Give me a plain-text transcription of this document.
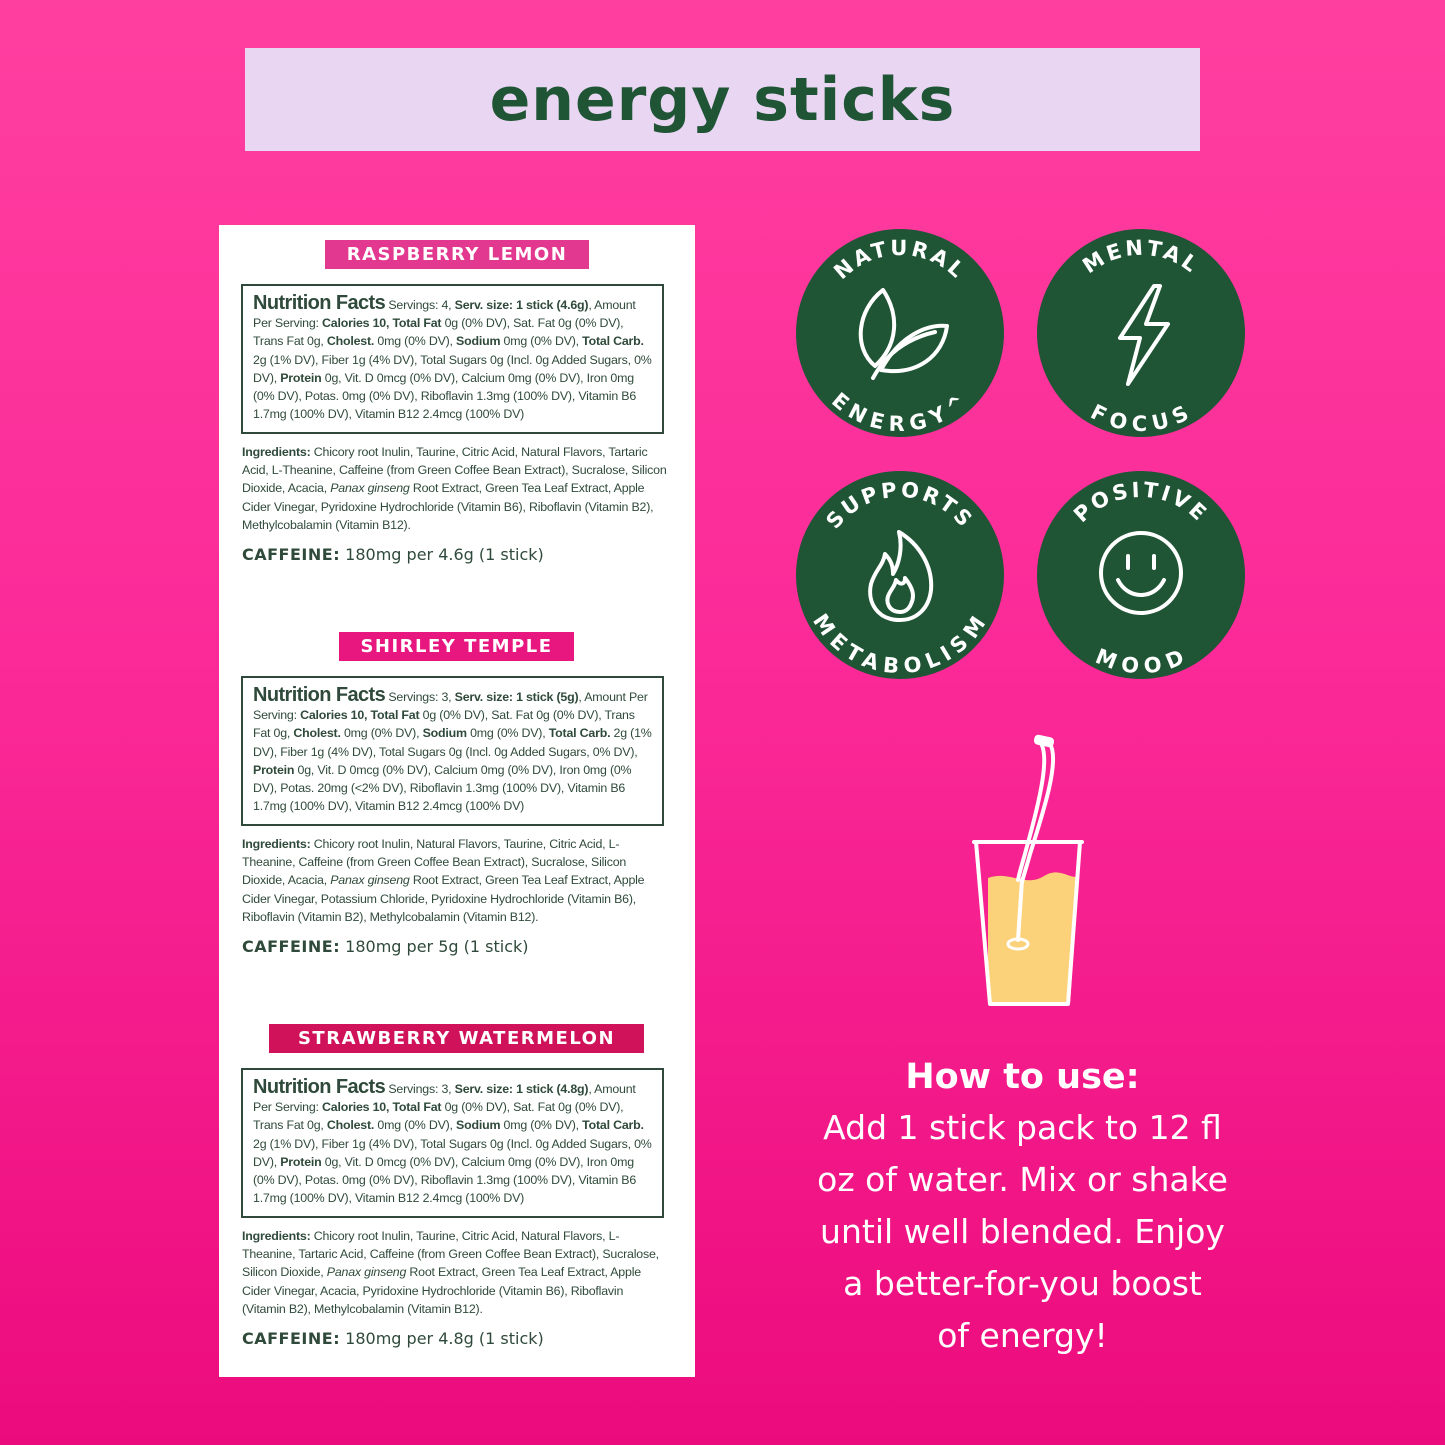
energy sticks
RASPBERRY LEMON
Nutrition Facts Servings: 4, Serv. size: 1 stick (4.6g), Amount Per Serving: Calories 10, Total Fat 0g (0% DV), Sat. Fat 0g (0% DV), Trans Fat 0g, Cholest. 0mg (0% DV), Sodium 0mg (0% DV), Total Carb. 2g (1% DV), Fiber 1g (4% DV), Total Sugars 0g (Incl. 0g Added Sugars, 0% DV), Protein 0g, Vit. D 0mcg (0% DV), Calcium 0mg (0% DV), Iron 0mg (0% DV), Potas. 0mg (0% DV), Riboflavin 1.3mg (100% DV), Vitamin B6 1.7mg (100% DV), Vitamin B12 2.4mcg (100% DV)
Ingredients: Chicory root Inulin, Taurine, Citric Acid, Natural Flavors, Tartaric Acid, L-Theanine, Caffeine (from Green Coffee Bean Extract), Sucralose, Silicon Dioxide, Acacia, Panax ginseng Root Extract, Green Tea Leaf Extract, Apple Cider Vinegar, Pyridoxine Hydrochloride (Vitamin B6), Riboflavin (Vitamin B2), Methylcobalamin (Vitamin B12).
CAFFEINE: 180mg per 4.6g (1 stick)
SHIRLEY TEMPLE
Nutrition Facts Servings: 3, Serv. size: 1 stick (5g), Amount Per Serving: Calories 10, Total Fat 0g (0% DV), Sat. Fat 0g (0% DV), Trans Fat 0g, Cholest. 0mg (0% DV), Sodium 0mg (0% DV), Total Carb. 2g (1% DV), Fiber 1g (4% DV), Total Sugars 0g (Incl. 0g Added Sugars, 0% DV), Protein 0g, Vit. D 0mcg (0% DV), Calcium 0mg (0% DV), Iron 0mg (0% DV), Potas. 20mg (<2% DV), Riboflavin 1.3mg (100% DV), Vitamin B6 1.7mg (100% DV), Vitamin B12 2.4mcg (100% DV)
Ingredients: Chicory root Inulin, Natural Flavors, Taurine, Citric Acid, L-Theanine, Caffeine (from Green Coffee Bean Extract), Sucralose, Silicon Dioxide, Acacia, Panax ginseng Root Extract, Green Tea Leaf Extract, Apple Cider Vinegar, Potassium Chloride, Pyridoxine Hydrochloride (Vitamin B6), Riboflavin (Vitamin B2), Methylcobalamin (Vitamin B12).
CAFFEINE: 180mg per 5g (1 stick)
STRAWBERRY WATERMELON
Nutrition Facts Servings: 3, Serv. size: 1 stick (4.8g), Amount Per Serving: Calories 10, Total Fat 0g (0% DV), Sat. Fat 0g (0% DV), Trans Fat 0g, Cholest. 0mg (0% DV), Sodium 0mg (0% DV), Total Carb. 2g (1% DV), Fiber 1g (4% DV), Total Sugars 0g (Incl. 0g Added Sugars, 0% DV), Protein 0g, Vit. D 0mcg (0% DV), Calcium 0mg (0% DV), Iron 0mg (0% DV), Potas. 0mg (0% DV), Riboflavin 1.3mg (100% DV), Vitamin B6 1.7mg (100% DV), Vitamin B12 2.4mcg (100% DV)
Ingredients: Chicory root Inulin, Taurine, Citric Acid, Natural Flavors, L-Theanine, Tartaric Acid, Caffeine (from Green Coffee Bean Extract), Sucralose, Silicon Dioxide, Panax ginseng Root Extract, Green Tea Leaf Extract, Apple Cider Vinegar, Acacia, Pyridoxine Hydrochloride (Vitamin B6), Riboflavin (Vitamin B2), Methylcobalamin (Vitamin B12).
CAFFEINE: 180mg per 4.8g (1 stick)
NATURAL
ENERGY^
MENTAL
FOCUS
SUPPORTS
METABOLISM
POSITIVE
MOOD
How to use:
Add 1 stick pack to 12 fl
oz of water. Mix or shake
until well blended. Enjoy
a better-for-you boost
of energy!
